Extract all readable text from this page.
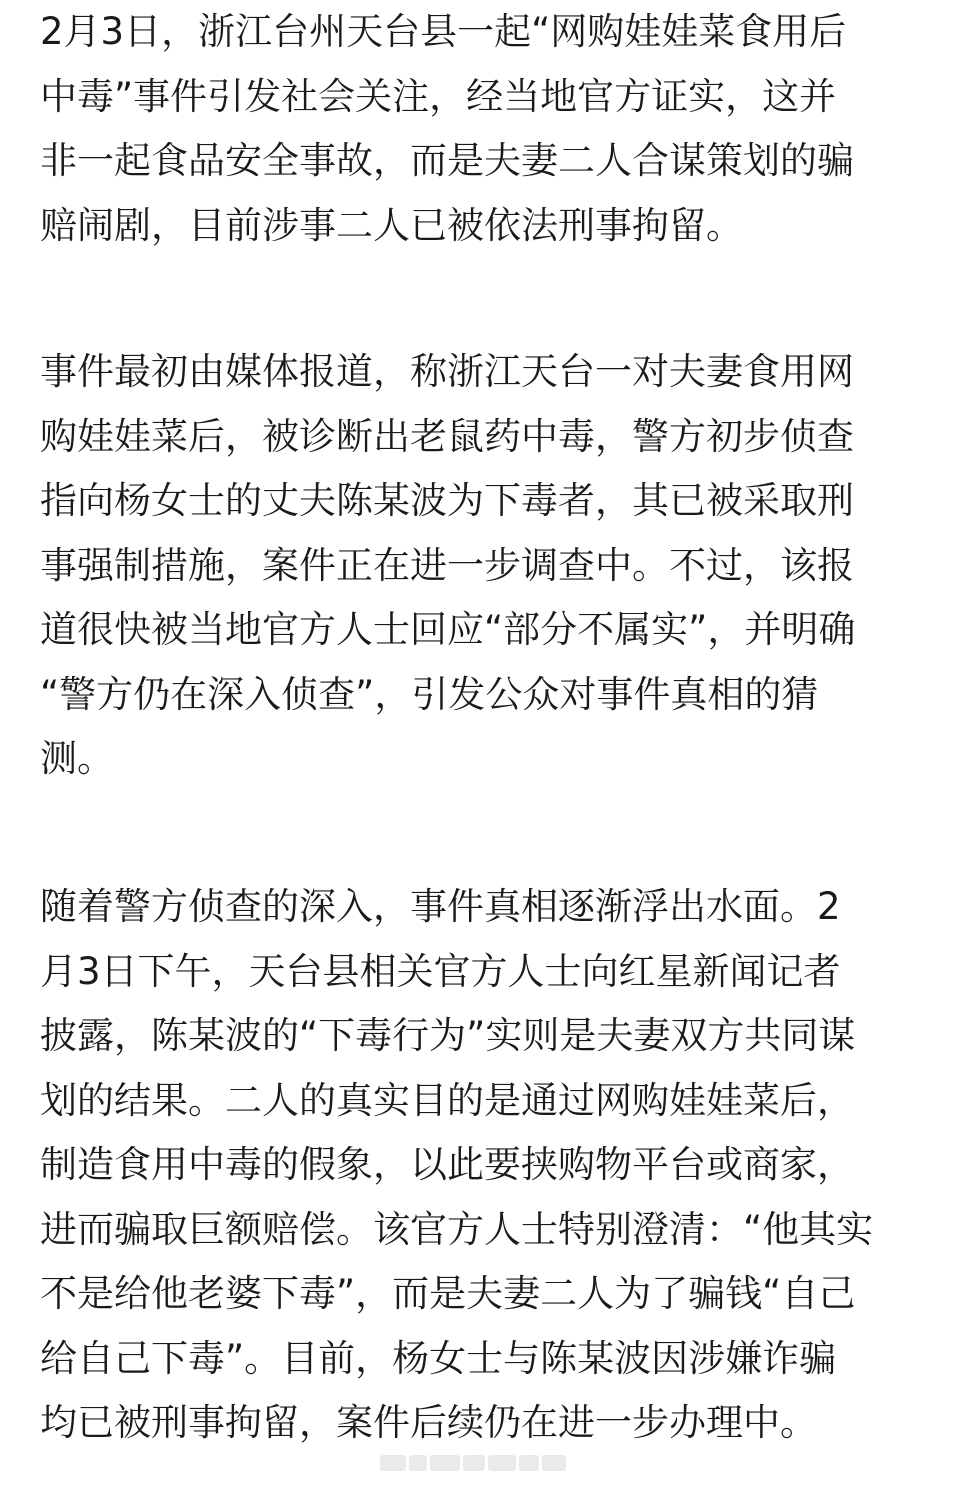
2月3日，浙江台州天台县一起“网购娃娃菜食用后
中毒”事件引发社会关注，经当地官方证实，这并
非一起食品安全事故，而是夫妻二人合谋策划的骗
赔闹剧，目前涉事二人已被依法刑事拘留。

事件最初由媒体报道，称浙江天台一对夫妻食用网
购娃娃菜后，被诊断出老鼠药中毒，警方初步侦查
指向杨女士的丈夫陈某波为下毒者，其已被采取刑
事强制措施，案件正在进一步调查中。不过，该报
道很快被当地官方人士回应“部分不属实”，并明确
“警方仍在深入侦查”，引发公众对事件真相的猜
测。

随着警方侦查的深入，事件真相逐渐浮出水面。2
月3日下午，天台县相关官方人士向红星新闻记者
披露，陈某波的“下毒行为”实则是夫妻双方共同谋
划的结果。二人的真实目的是通过网购娃娃菜后，
制造食用中毒的假象，以此要挟购物平台或商家，
进而骗取巨额赔偿。该官方人士特别澄清：“他其实
不是给他老婆下毒”，而是夫妻二人为了骗钱“自己
给自己下毒”。目前，杨女士与陈某波因涉嫌诈骗
均已被刑事拘留，案件后续仍在进一步办理中。
